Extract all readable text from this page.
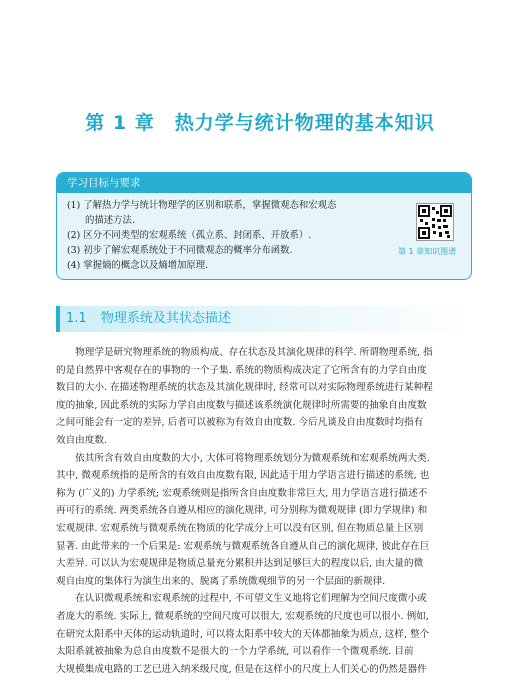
第 1 章　热力学与统计物理的基本知识
学习目标与要求
(1) 了解热力学与统计物理学的区别和联系，掌握微观态和宏观态
的描述方法.
(2) 区分不同类型的宏观系统（孤立系、封闭系、开放系）.
(3) 初步了解宏观系统处于不同微观态的概率分布函数.
(4) 掌握熵的概念以及熵增加原理.
第 1 章知识图谱
1.1 物理系统及其状态描述
　　物理学是研究物理系统的物质构成、存在状态及其演化规律的科学. 所谓物理系统, 指
的是自然界中客观存在的事物的一个子集. 系统的物质构成决定了它所含有的力学自由度
数目的大小. 在描述物理系统的状态及其演化规律时, 经常可以对实际物理系统进行某种程
度的抽象, 因此系统的实际力学自由度数与描述该系统演化规律时所需要的抽象自由度数
之间可能会有一定的差异, 后者可以被称为有效自由度数. 今后凡谈及自由度数时均指有
效自由度数.
　　依其所含有效自由度数的大小, 大体可将物理系统划分为微观系统和宏观系统两大类.
其中, 微观系统指的是所含的有效自由度数有限, 因此适于用力学语言进行描述的系统, 也
称为 (广义的) 力学系统; 宏观系统则是指所含自由度数非常巨大, 用力学语言进行描述不
再可行的系统. 两类系统各自遵从相应的演化规律, 可分别称为微观规律 (即力学规律) 和
宏观规律. 宏观系统与微观系统在物质的化学成分上可以没有区别, 但在物质总量上区别
显著. 由此带来的一个后果是: 宏观系统与微观系统各自遵从自己的演化规律, 彼此存在巨
大差异. 可以认为宏观规律是物质总量充分累积并达到足够巨大的程度以后, 由大量的微
观自由度的集体行为演生出来的、脱离了系统微观细节的另一个层面的新规律.
　　在认识微观系统和宏观系统的过程中, 不可望文生义地将它们理解为空间尺度微小或
者庞大的系统. 实际上, 微观系统的空间尺度可以很大, 宏观系统的尺度也可以很小. 例如,
在研究太阳系中天体的运动轨道时, 可以将太阳系中较大的天体都抽象为质点, 这样, 整个
太阳系就被抽象为总自由度数不是很大的一个力学系统, 可以看作一个微观系统. 目前
大规模集成电路的工艺已进入纳米级尺度, 但是在这样小的尺度上人们关心的仍然是器件
